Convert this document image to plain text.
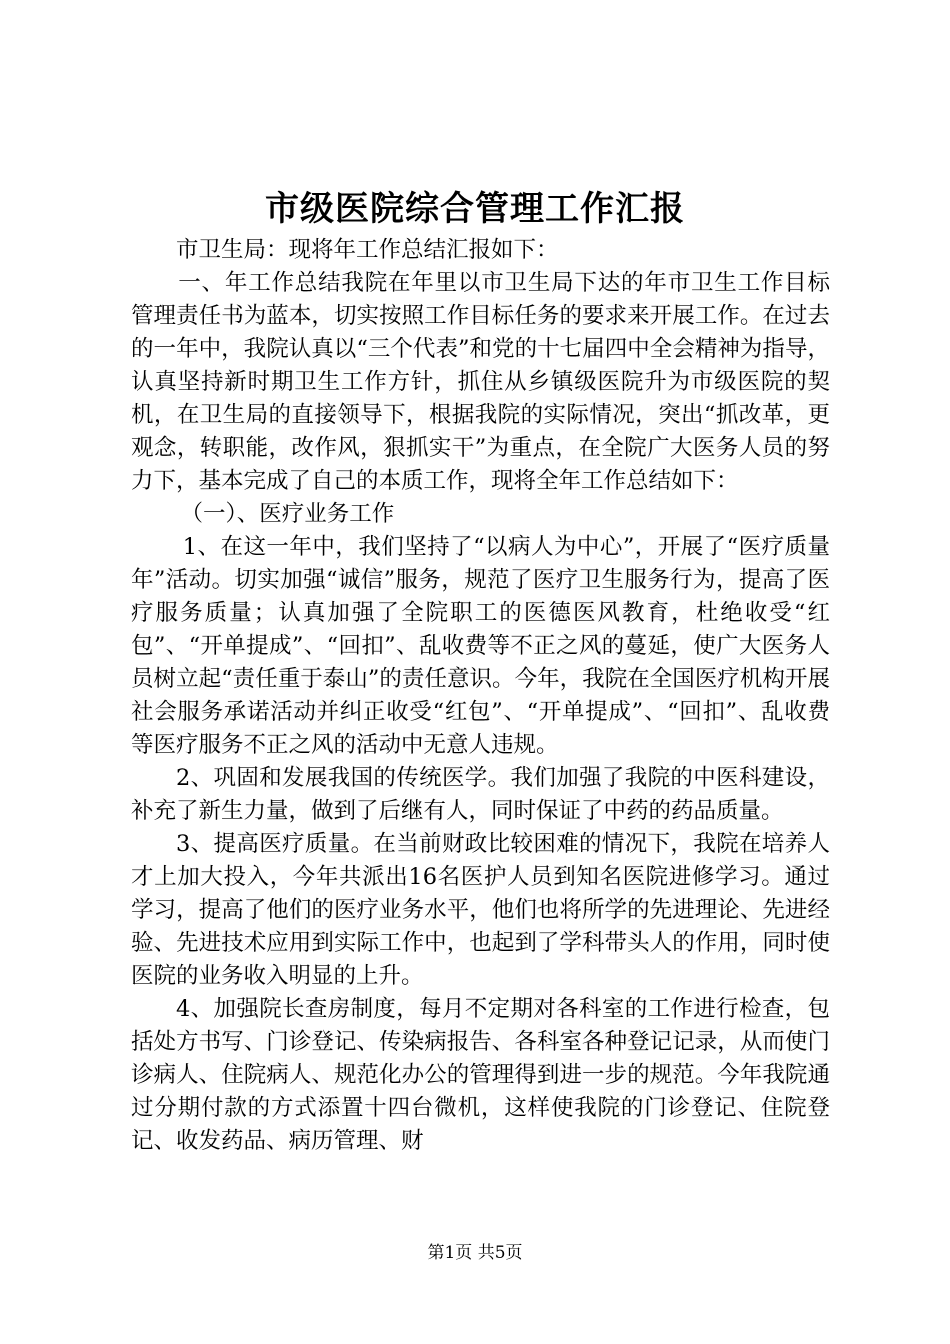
市级医院综合管理工作汇报

市卫生局：现将年工作总结汇报如下：

一、年工作总结我院在年里以市卫生局下达的年市卫生工作目标管理责任书为蓝本，切实按照工作目标任务的要求来开展工作。在过去的一年中，我院认真以“三个代表”和党的十七届四中全会精神为指导，认真坚持新时期卫生工作方针，抓住从乡镇级医院升为市级医院的契机，在卫生局的直接领导下，根据我院的实际情况，突出“抓改革，更观念，转职能，改作风，狠抓实干”为重点，在全院广大医务人员的努力下，基本完成了自己的本质工作，现将全年工作总结如下：

（一）、医疗业务工作

1、在这一年中，我们坚持了“以病人为中心”，开展了“医疗质量年”活动。切实加强“诚信”服务，规范了医疗卫生服务行为，提高了医疗服务质量；认真加强了全院职工的医德医风教育，杜绝收受“红包”、“开单提成”、“回扣”、乱收费等不正之风的蔓延，使广大医务人员树立起“责任重于泰山”的责任意识。今年，我院在全国医疗机构开展社会服务承诺活动并纠正收受“红包”、“开单提成”、“回扣”、乱收费等医疗服务不正之风的活动中无意人违规。

2、巩固和发展我国的传统医学。我们加强了我院的中医科建设，补充了新生力量，做到了后继有人，同时保证了中药的药品质量。

3、提高医疗质量。在当前财政比较困难的情况下，我院在培养人才上加大投入，今年共派出16名医护人员到知名医院进修学习。通过学习，提高了他们的医疗业务水平，他们也将所学的先进理论、先进经验、先进技术应用到实际工作中，也起到了学科带头人的作用，同时使医院的业务收入明显的上升。

4、加强院长查房制度，每月不定期对各科室的工作进行检查，包括处方书写、门诊登记、传染病报告、各科室各种登记记录，从而使门诊病人、住院病人、规范化办公的管理得到进一步的规范。今年我院通过分期付款的方式添置十四台微机，这样使我院的门诊登记、住院登记、收发药品、病历管理、财

第1页 共5页
